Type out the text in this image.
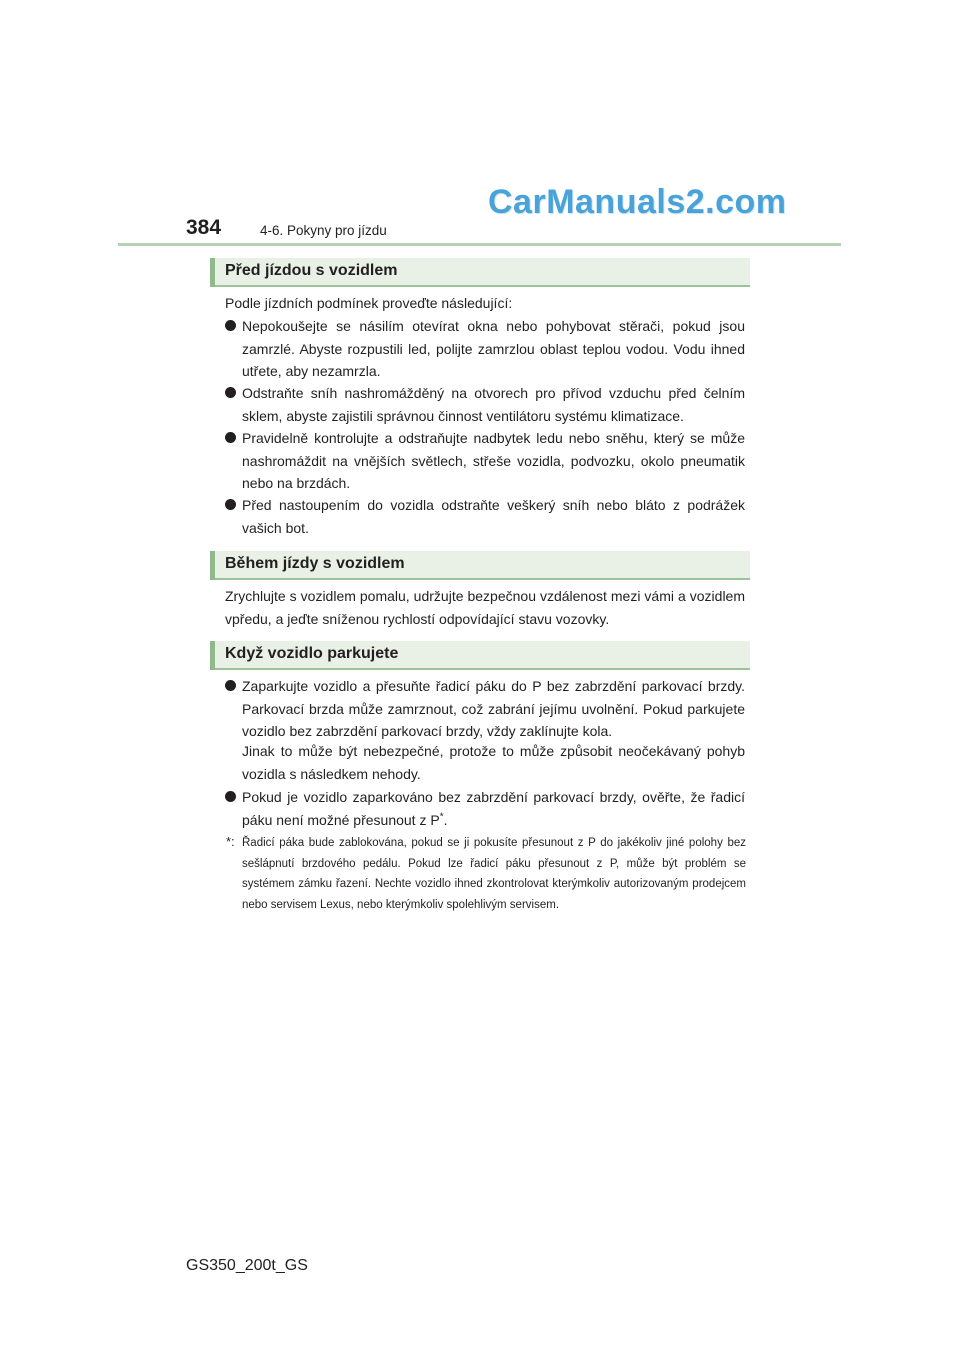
384	4-6. Pokyny pro jízdu
CarManuals2.com
Před jízdou s vozidlem
Podle jízdních podmínek proveďte následující:
Nepokoušejte se násilím otevírat okna nebo pohybovat stěrači, pokud jsou zamrzlé. Abyste rozpustili led, polijte zamrzlou oblast teplou vodou. Vodu ihned utřete, aby nezamrzla.
Odstraňte sníh nashromážděný na otvorech pro přívod vzduchu před čelním sklem, abyste zajistili správnou činnost ventilátoru systému klimatizace.
Pravidelně kontrolujte a odstraňujte nadbytek ledu nebo sněhu, který se může nashromáždit na vnějších světlech, střeše vozidla, podvozku, okolo pneumatik nebo na brzdách.
Před nastoupením do vozidla odstraňte veškerý sníh nebo bláto z podrážek vašich bot.
Během jízdy s vozidlem
Zrychlujte s vozidlem pomalu, udržujte bezpečnou vzdálenost mezi vámi a vozidlem vpředu, a jeďte sníženou rychlostí odpovídající stavu vozovky.
Když vozidlo parkujete
Zaparkujte vozidlo a přesuňte řadicí páku do P bez zabrzdění parkovací brzdy. Parkovací brzda může zamrznout, což zabrání jejímu uvolnění. Pokud parkujete vozidlo bez zabrzdění parkovací brzdy, vždy zaklínujte kola.
Jinak to může být nebezpečné, protože to může způsobit neočekávaný pohyb vozidla s následkem nehody.
Pokud je vozidlo zaparkováno bez zabrzdění parkovací brzdy, ověřte, že řadicí páku není možné přesunout z P*.
*: Řadicí páka bude zablokována, pokud se ji pokusíte přesunout z P do jakékoliv jiné polohy bez sešlápnutí brzdového pedálu. Pokud lze řadicí páku přesunout z P, může být problém se systémem zámku řazení. Nechte vozidlo ihned zkontrolovat kterýmkoliv autorizovaným prodejcem nebo servisem Lexus, nebo kterýmkoliv spolehlivým servisem.
GS350_200t_GS
